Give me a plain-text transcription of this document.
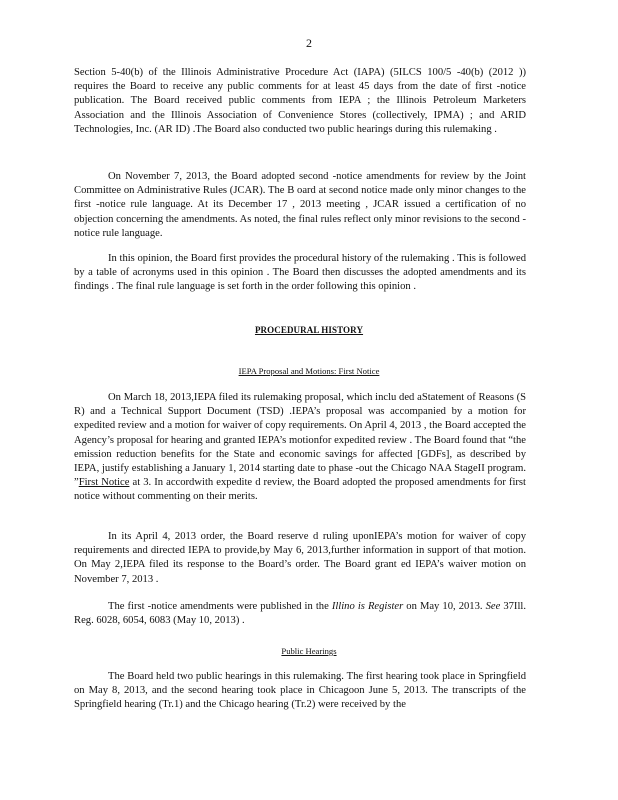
2

Section 5-40(b) of the Illinois Administrative Procedure Act (IAPA) (5ILCS 100/5 -40(b) (2012 )) requires the Board to receive any public comments for at least 45 days from the date of first -notice publication. The Board received public comments from IEPA ; the Illinois Petroleum Marketers Association and the Illinois Association of Convenience Stores (collectively, IPMA) ; and ARID Technologies, Inc. (AR ID) .The Board also conducted two public hearings during this rulemaking .

On November 7, 2013, the Board adopted second -notice amendments for review by the Joint Committee on Administrative Rules (JCAR). The B oard at second notice made only minor changes to the first -notice rule language. At its December 17 , 2013 meeting , JCAR issued a certification of no objection concerning the amendments. As noted, the final rules reflect only minor revisions to the second -notice rule language.

In this opinion, the Board first provides the procedural history of the rulemaking . This is followed by a table of acronyms used in this opinion . The Board then discusses the adopted amendments and its findings . The final rule language is set forth in the order following this opinion .

PROCEDURAL HISTORY
IEPA Proposal and Motions: First Notice

On March 18, 2013,IEPA filed its rulemaking proposal, which inclu ded aStatement of Reasons (S R) and a Technical Support Document (TSD) .IEPA’s proposal was accompanied by a motion for expedited review and a motion for waiver of copy requirements. On April 4, 2013 , the Board accepted the Agency’s proposal for hearing and granted IEPA’s motionfor expedited review . The Board found that “the emission reduction benefits for the State and economic savings for affected [GDFs], as described by IEPA, justify establishing a January 1, 2014 starting date to phase -out the Chicago NAA StageII program. ”First Notice at 3. In accordwith expedite d review, the Board adopted the proposed amendments for first notice without commenting on their merits.

In its April 4, 2013 order, the Board reserve d ruling uponIEPA’s motion for waiver of copy requirements and directed IEPA to provide,by May 6, 2013,further information in support of that motion. On May 2,IEPA filed its response to the Board’s order. The Board grant ed IEPA’s waiver motion on November 7, 2013 .

The first -notice amendments were published in the Illino is Register on May 10, 2013. See 37Ill. Reg. 6028, 6054, 6083 (May 10, 2013) .

Public Hearings

The Board held two public hearings in this rulemaking. The first hearing took place in Springfield on May 8, 2013, and the second hearing took place in Chicagoon June 5, 2013. The transcripts of the Springfield hearing (Tr.1) and the Chicago hearing (Tr.2) were received by the
